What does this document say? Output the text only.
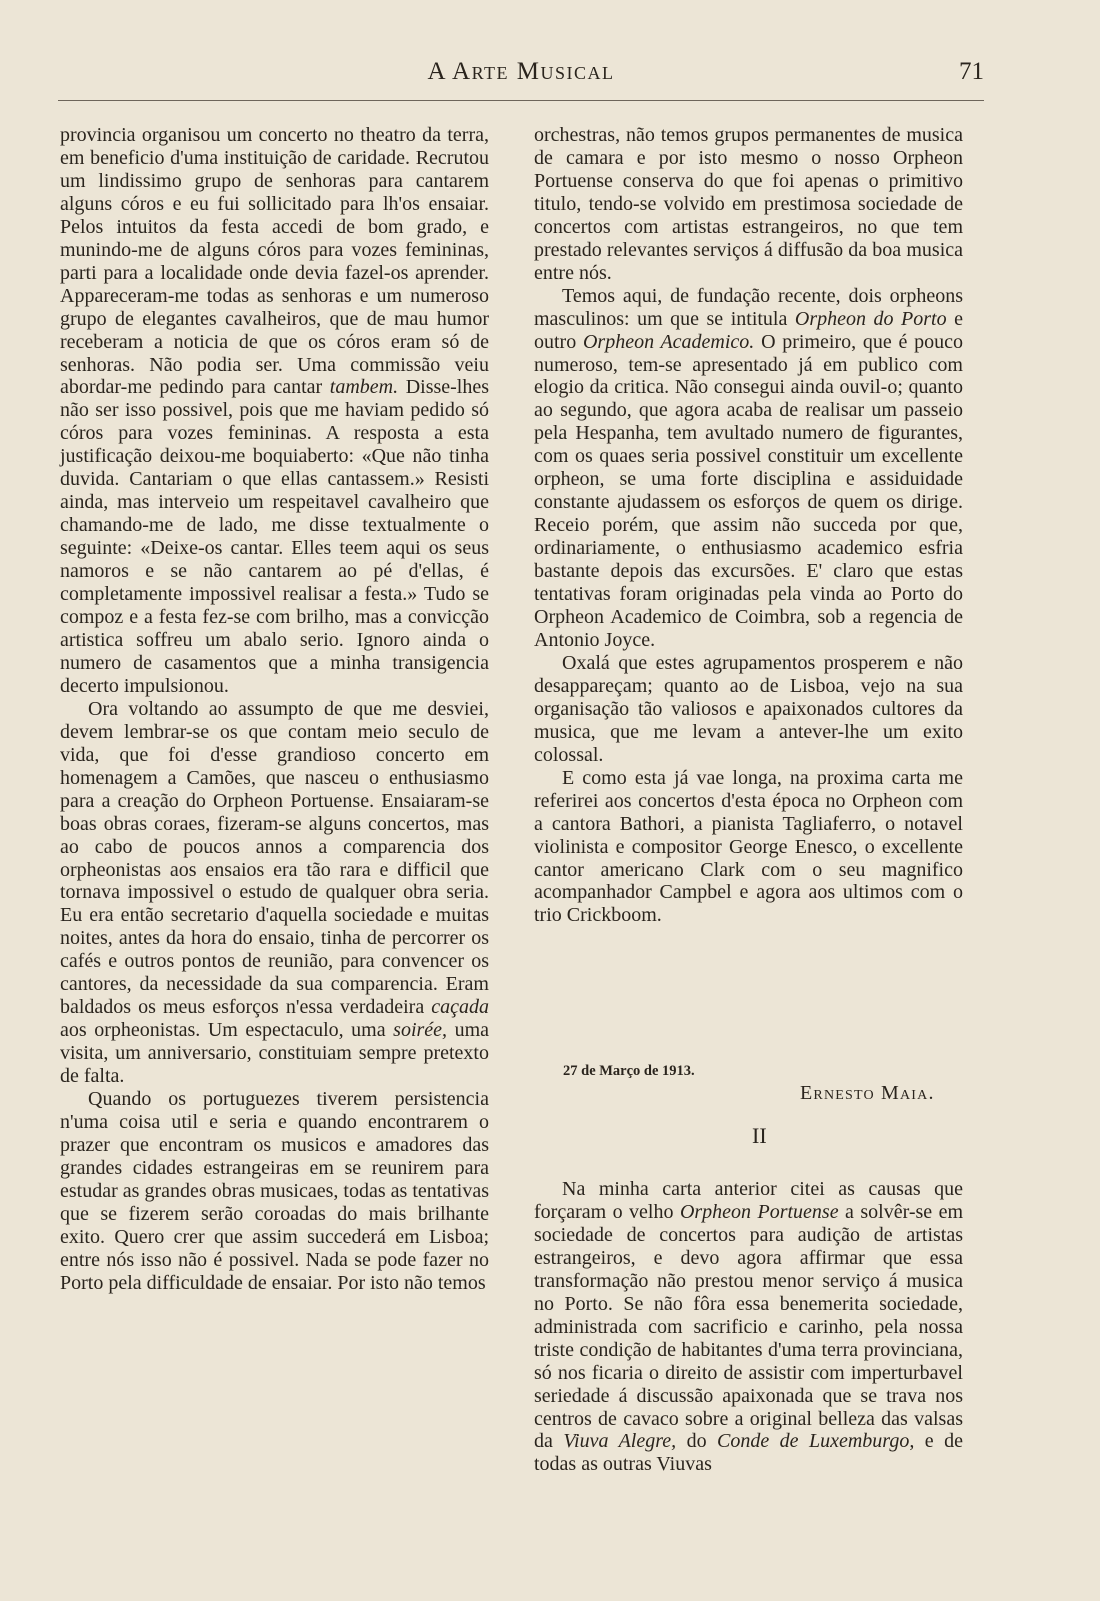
A Arte Musical	71

provincia organisou um concerto no theatro da terra, em beneficio d'uma instituição de caridade. Recrutou um lindissimo grupo de senhoras para cantarem alguns córos e eu fui sollicitado para lh'os ensaiar. Pelos intuitos da festa accedi de bom grado, e munindo-me de alguns córos para vozes femininas, parti para a localidade onde devia fazel-os aprender. Appareceram-me todas as senhoras e um numeroso grupo de elegantes cavalheiros, que de mau humor receberam a noticia de que os córos eram só de senhoras. Não podia ser. Uma commissão veiu abordar-me pedindo para cantar tambem. Disse-lhes não ser isso possivel, pois que me haviam pedido só córos para vozes femininas. A resposta a esta justificação deixou-me boquiaberto: «Que não tinha duvida. Cantariam o que ellas cantassem.» Resisti ainda, mas interveio um respeitavel cavalheiro que chamando-me de lado, me disse textualmente o seguinte: «Deixe-os cantar. Elles teem aqui os seus namoros e se não cantarem ao pé d'ellas, é completamente impossivel realisar a festa.» Tudo se compoz e a festa fez-se com brilho, mas a convicção artistica soffreu um abalo serio. Ignoro ainda o numero de casamentos que a minha transigencia decerto impulsionou.

Ora voltando ao assumpto de que me desviei, devem lembrar-se os que contam meio seculo de vida, que foi d'esse grandioso concerto em homenagem a Camões, que nasceu o enthusiasmo para a creação do Orpheon Portuense. Ensaiaram-se boas obras coraes, fizeram-se alguns concertos, mas ao cabo de poucos annos a comparencia dos orpheonistas aos ensaios era tão rara e difficil que tornava impossivel o estudo de qualquer obra seria. Eu era então secretario d'aquella sociedade e muitas noites, antes da hora do ensaio, tinha de percorrer os cafés e outros pontos de reunião, para convencer os cantores, da necessidade da sua comparencia. Eram baldados os meus esforços n'essa verdadeira caçada aos orpheonistas. Um espectaculo, uma soirée, uma visita, um anniversario, constituiam sempre pretexto de falta.

Quando os portuguezes tiverem persistencia n'uma coisa util e seria e quando encontrarem o prazer que encontram os musicos e amadores das grandes cidades estrangeiras em se reunirem para estudar as grandes obras musicaes, todas as tentativas que se fizerem serão coroadas do mais brilhante exito. Quero crer que assim succederá em Lisboa; entre nós isso não é possivel. Nada se pode fazer no Porto pela difficuldade de ensaiar. Por isto não temos

orchestras, não temos grupos permanentes de musica de camara e por isto mesmo o nosso Orpheon Portuense conserva do que foi apenas o primitivo titulo, tendo-se volvido em prestimosa sociedade de concertos com artistas estrangeiros, no que tem prestado relevantes serviços á diffusão da boa musica entre nós.

Temos aqui, de fundação recente, dois orpheons masculinos: um que se intitula Orpheon do Porto e outro Orpheon Academico. O primeiro, que é pouco numeroso, tem-se apresentado já em publico com elogio da critica. Não consegui ainda ouvil-o; quanto ao segundo, que agora acaba de realisar um passeio pela Hespanha, tem avultado numero de figurantes, com os quaes seria possivel constituir um excellente orpheon, se uma forte disciplina e assiduidade constante ajudassem os esforços de quem os dirige. Receio porém, que assim não succeda por que, ordinariamente, o enthusiasmo academico esfria bastante depois das excursões. E' claro que estas tentativas foram originadas pela vinda ao Porto do Orpheon Academico de Coimbra, sob a regencia de Antonio Joyce.

Oxalá que estes agrupamentos prosperem e não desappareçam; quanto ao de Lisboa, vejo na sua organisação tão valiosos e apaixonados cultores da musica, que me levam a antever-lhe um exito colossal.

E como esta já vae longa, na proxima carta me referirei aos concertos d'esta época no Orpheon com a cantora Bathori, a pianista Tagliaferro, o notavel violinista e compositor George Enesco, o excellente cantor americano Clark com o seu magnifico acompanhador Campbel e agora aos ultimos com o trio Crickboom.

27 de Março de 1913.
Ernesto Maia.
II

Na minha carta anterior citei as causas que forçaram o velho Orpheon Portuense a solvêr-se em sociedade de concertos para audição de artistas estrangeiros, e devo agora affirmar que essa transformação não prestou menor serviço á musica no Porto. Se não fôra essa benemerita sociedade, administrada com sacrificio e carinho, pela nossa triste condição de habitantes d'uma terra provinciana, só nos ficaria o direito de assistir com imperturbavel seriedade á discussão apaixonada que se trava nos centros de cavaco sobre a original belleza das valsas da Viuva Alegre, do Conde de Luxemburgo, e de todas as outras Viuvas
